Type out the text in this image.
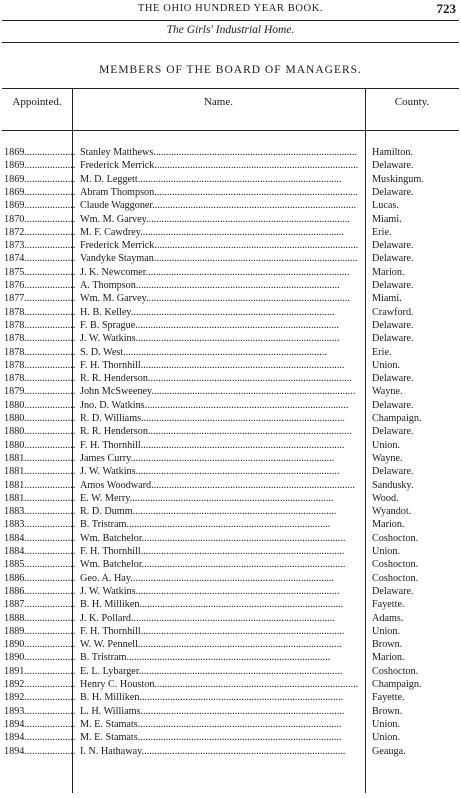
THE OHIO HUNDRED YEAR BOOK.	723
The Girls' Industrial Home.
MEMBERS OF THE BOARD OF MANAGERS.
Appointed.	Name.	County.
1869.................... Stanley Matthews................................................................................	Hamilton.
1869.................... Frederick Merrick................................................................................	Delaware.
1869.................... M. D. Leggett................................................................................	Muskingum.
1869.................... Abram Thompson................................................................................	Delaware.
1869.................... Claude Waggoner................................................................................	Lucas.
1870.................... Wm. M. Garvey................................................................................	Miami.
1872.................... M. F. Cawdrey................................................................................	Erie.
1873.................... Frederick Merrick................................................................................	Delaware.
1874.................... Vandyke Stayman................................................................................	Delaware.
1875.................... J. K. Newcomer................................................................................	Marion.
1876.................... A. Thompson................................................................................	Delaware.
1877.................... Wm. M. Garvey................................................................................	Miami.
1878.................... H. B. Kelley................................................................................	Crawford.
1878.................... F. B. Sprague................................................................................	Delaware.
1878.................... J. W. Watkins................................................................................	Delaware.
1878.................... S. D. West................................................................................	Erie.
1878.................... F. H. Thornhill................................................................................	Union.
1878.................... R. R. Henderson................................................................................	Delaware.
1879.................... John McSweeney................................................................................	Wayne.
1880.................... Jno. D. Watkins................................................................................	Delaware.
1880.................... R. D. Williams................................................................................	Champaign.
1880.................... R. R. Henderson................................................................................	Delaware.
1880.................... F. H. Thornhill................................................................................	Union.
1881.................... James Curry................................................................................	Wayne.
1881.................... J. W. Watkins................................................................................	Delaware.
1881.................... Amos Woodward................................................................................	Sandusky.
1881.................... E. W. Merry................................................................................	Wood.
1883.................... R. D. Dumm................................................................................	Wyandot.
1883.................... B. Tristram................................................................................	Marion.
1884.................... Wm. Batchelor................................................................................	Coshocton.
1884.................... F. H. Thornhill................................................................................	Union.
1885.................... Wm. Batchelor................................................................................	Coshocton.
1886.................... Geo. A. Hay................................................................................	Coshocton.
1886.................... J. W. Watkins................................................................................	Delaware.
1887.................... B. H. Milliken................................................................................	Fayette.
1888.................... J. K. Pollard................................................................................	Adams.
1889.................... F. H. Thornhill................................................................................	Union.
1890.................... W. W. Pennell................................................................................	Brown.
1890.................... B. Tristram................................................................................	Marion.
1891.................... E. L. Lybarger................................................................................	Coshocton.
1892.................... Henry C. Houston................................................................................	Champaign.
1892.................... B. H. Milliken................................................................................	Fayette.
1893.................... L. H. Williams................................................................................	Brown.
1894.................... M. E. Stamats................................................................................	Union.
1894.................... M. E. Stamats................................................................................	Union.
1894.................... I. N. Hathaway................................................................................	Geauga.
